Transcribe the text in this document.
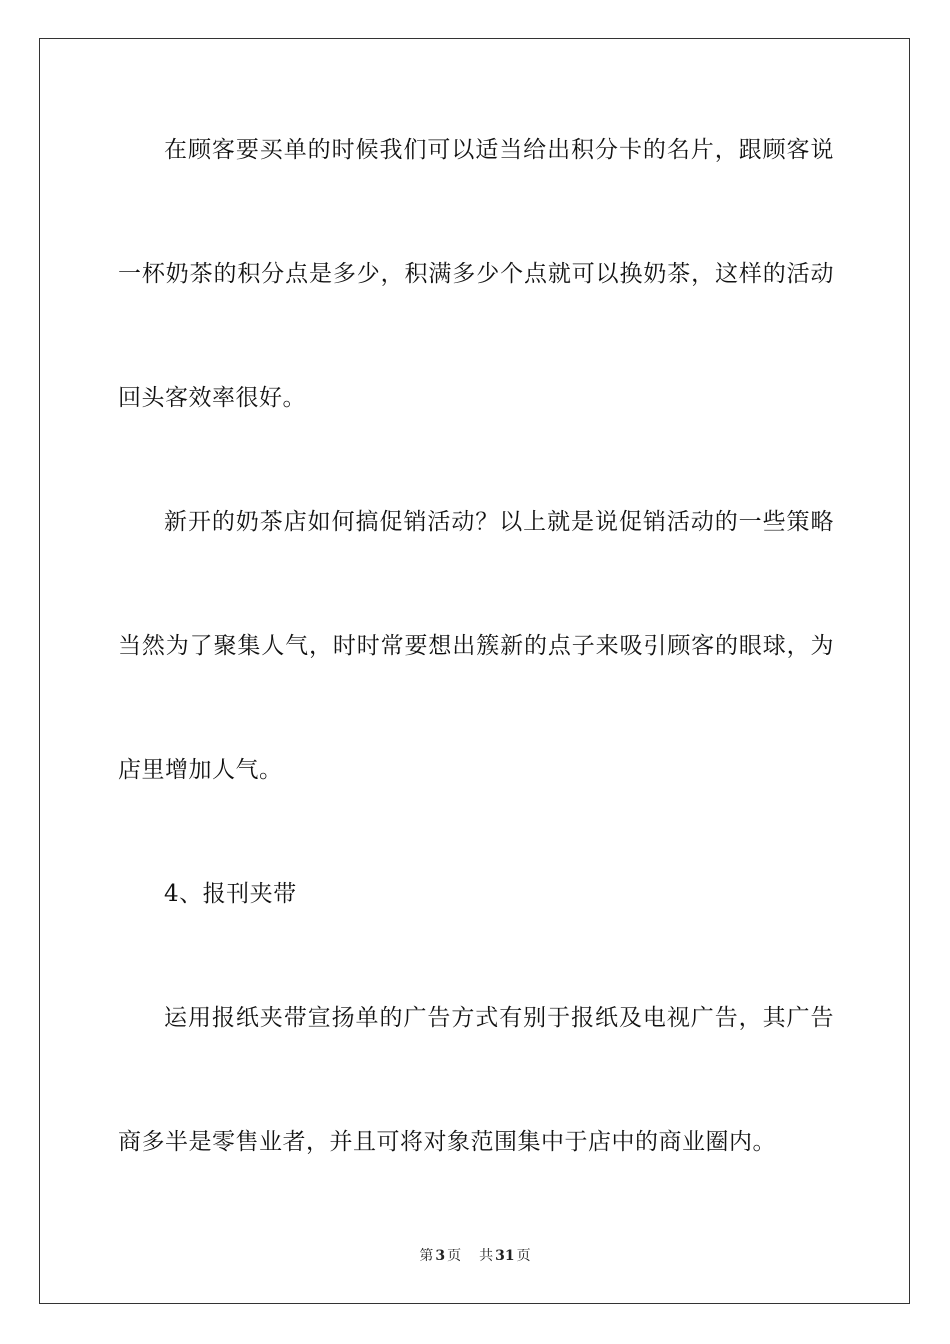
在顾客要买单的时候我们可以适当给出积分卡的名片，跟顾客说

一杯奶茶的积分点是多少，积满多少个点就可以换奶茶，这样的活动

回头客效率很好。

新开的奶茶店如何搞促销活动？以上就是说促销活动的一些策略

当然为了聚集人气，时时常要想出簇新的点子来吸引顾客的眼球，为

店里增加人气。

4、报刊夹带

运用报纸夹带宣扬单的广告方式有别于报纸及电视广告，其广告

商多半是零售业者，并且可将对象范围集中于店中的商业圈内。

第 3 页 共 31 页
